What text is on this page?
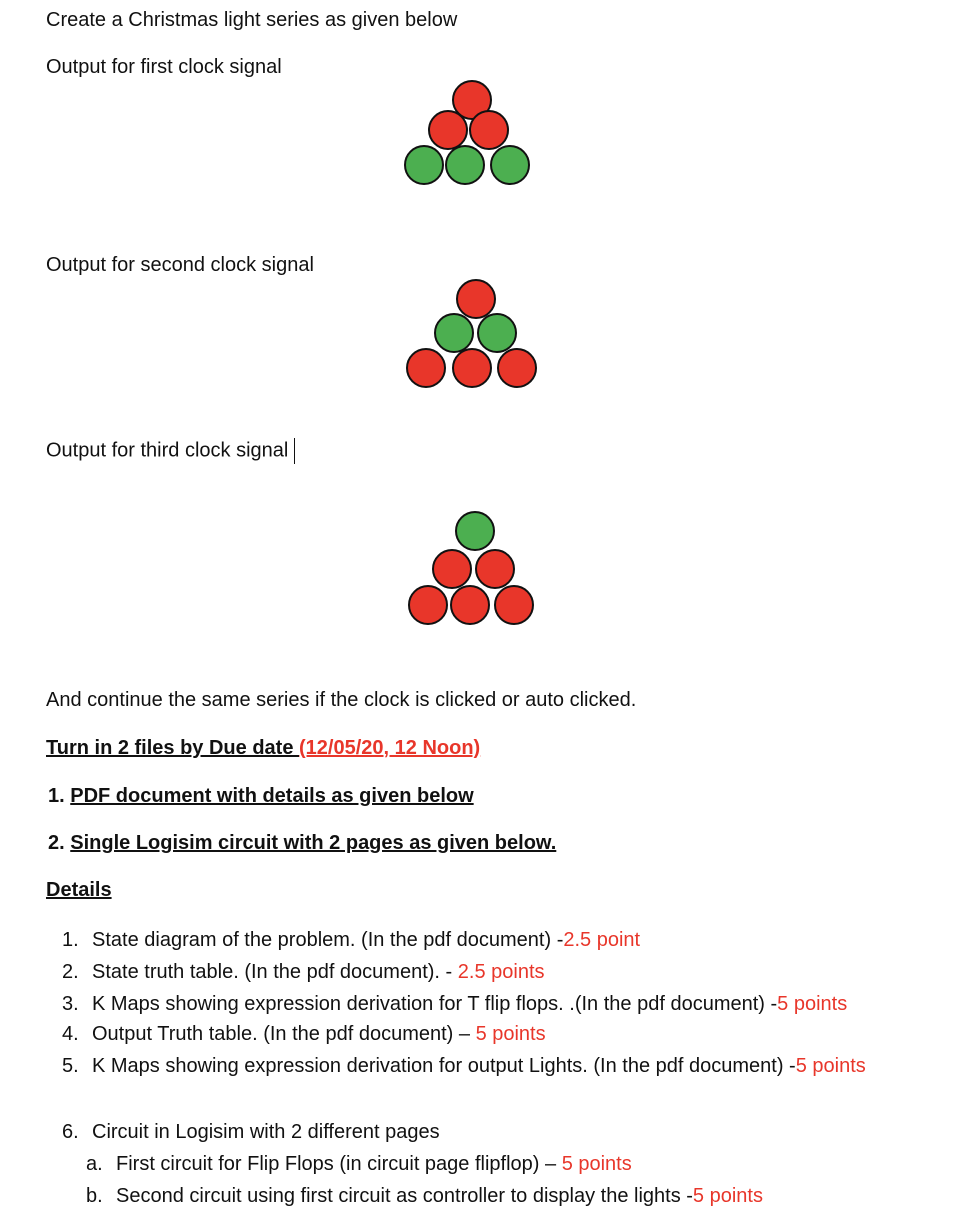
Create a Christmas light series as given below
Output for first clock signal
Output for second clock signal
Output for third clock signal
And continue the same series if the clock is clicked or auto clicked.
Turn in 2 files by Due date (12/05/20, 12 Noon)
1. PDF document with details as given below
2. Single Logisim circuit with 2 pages as given below.
Details
1. State diagram of the problem. (In the pdf document) -2.5 point
2. State truth table. (In the pdf document). - 2.5 points
3. K Maps showing expression derivation for T flip flops. .(In the pdf document) -5 points
4. Output Truth table. (In the pdf document) – 5 points
5. K Maps showing expression derivation for output Lights. (In the pdf document) -5 points
6. Circuit in Logisim with 2 different pages
a. First circuit for Flip Flops (in circuit page flipflop) – 5 points
b. Second circuit using first circuit as controller to display the lights -5 points
